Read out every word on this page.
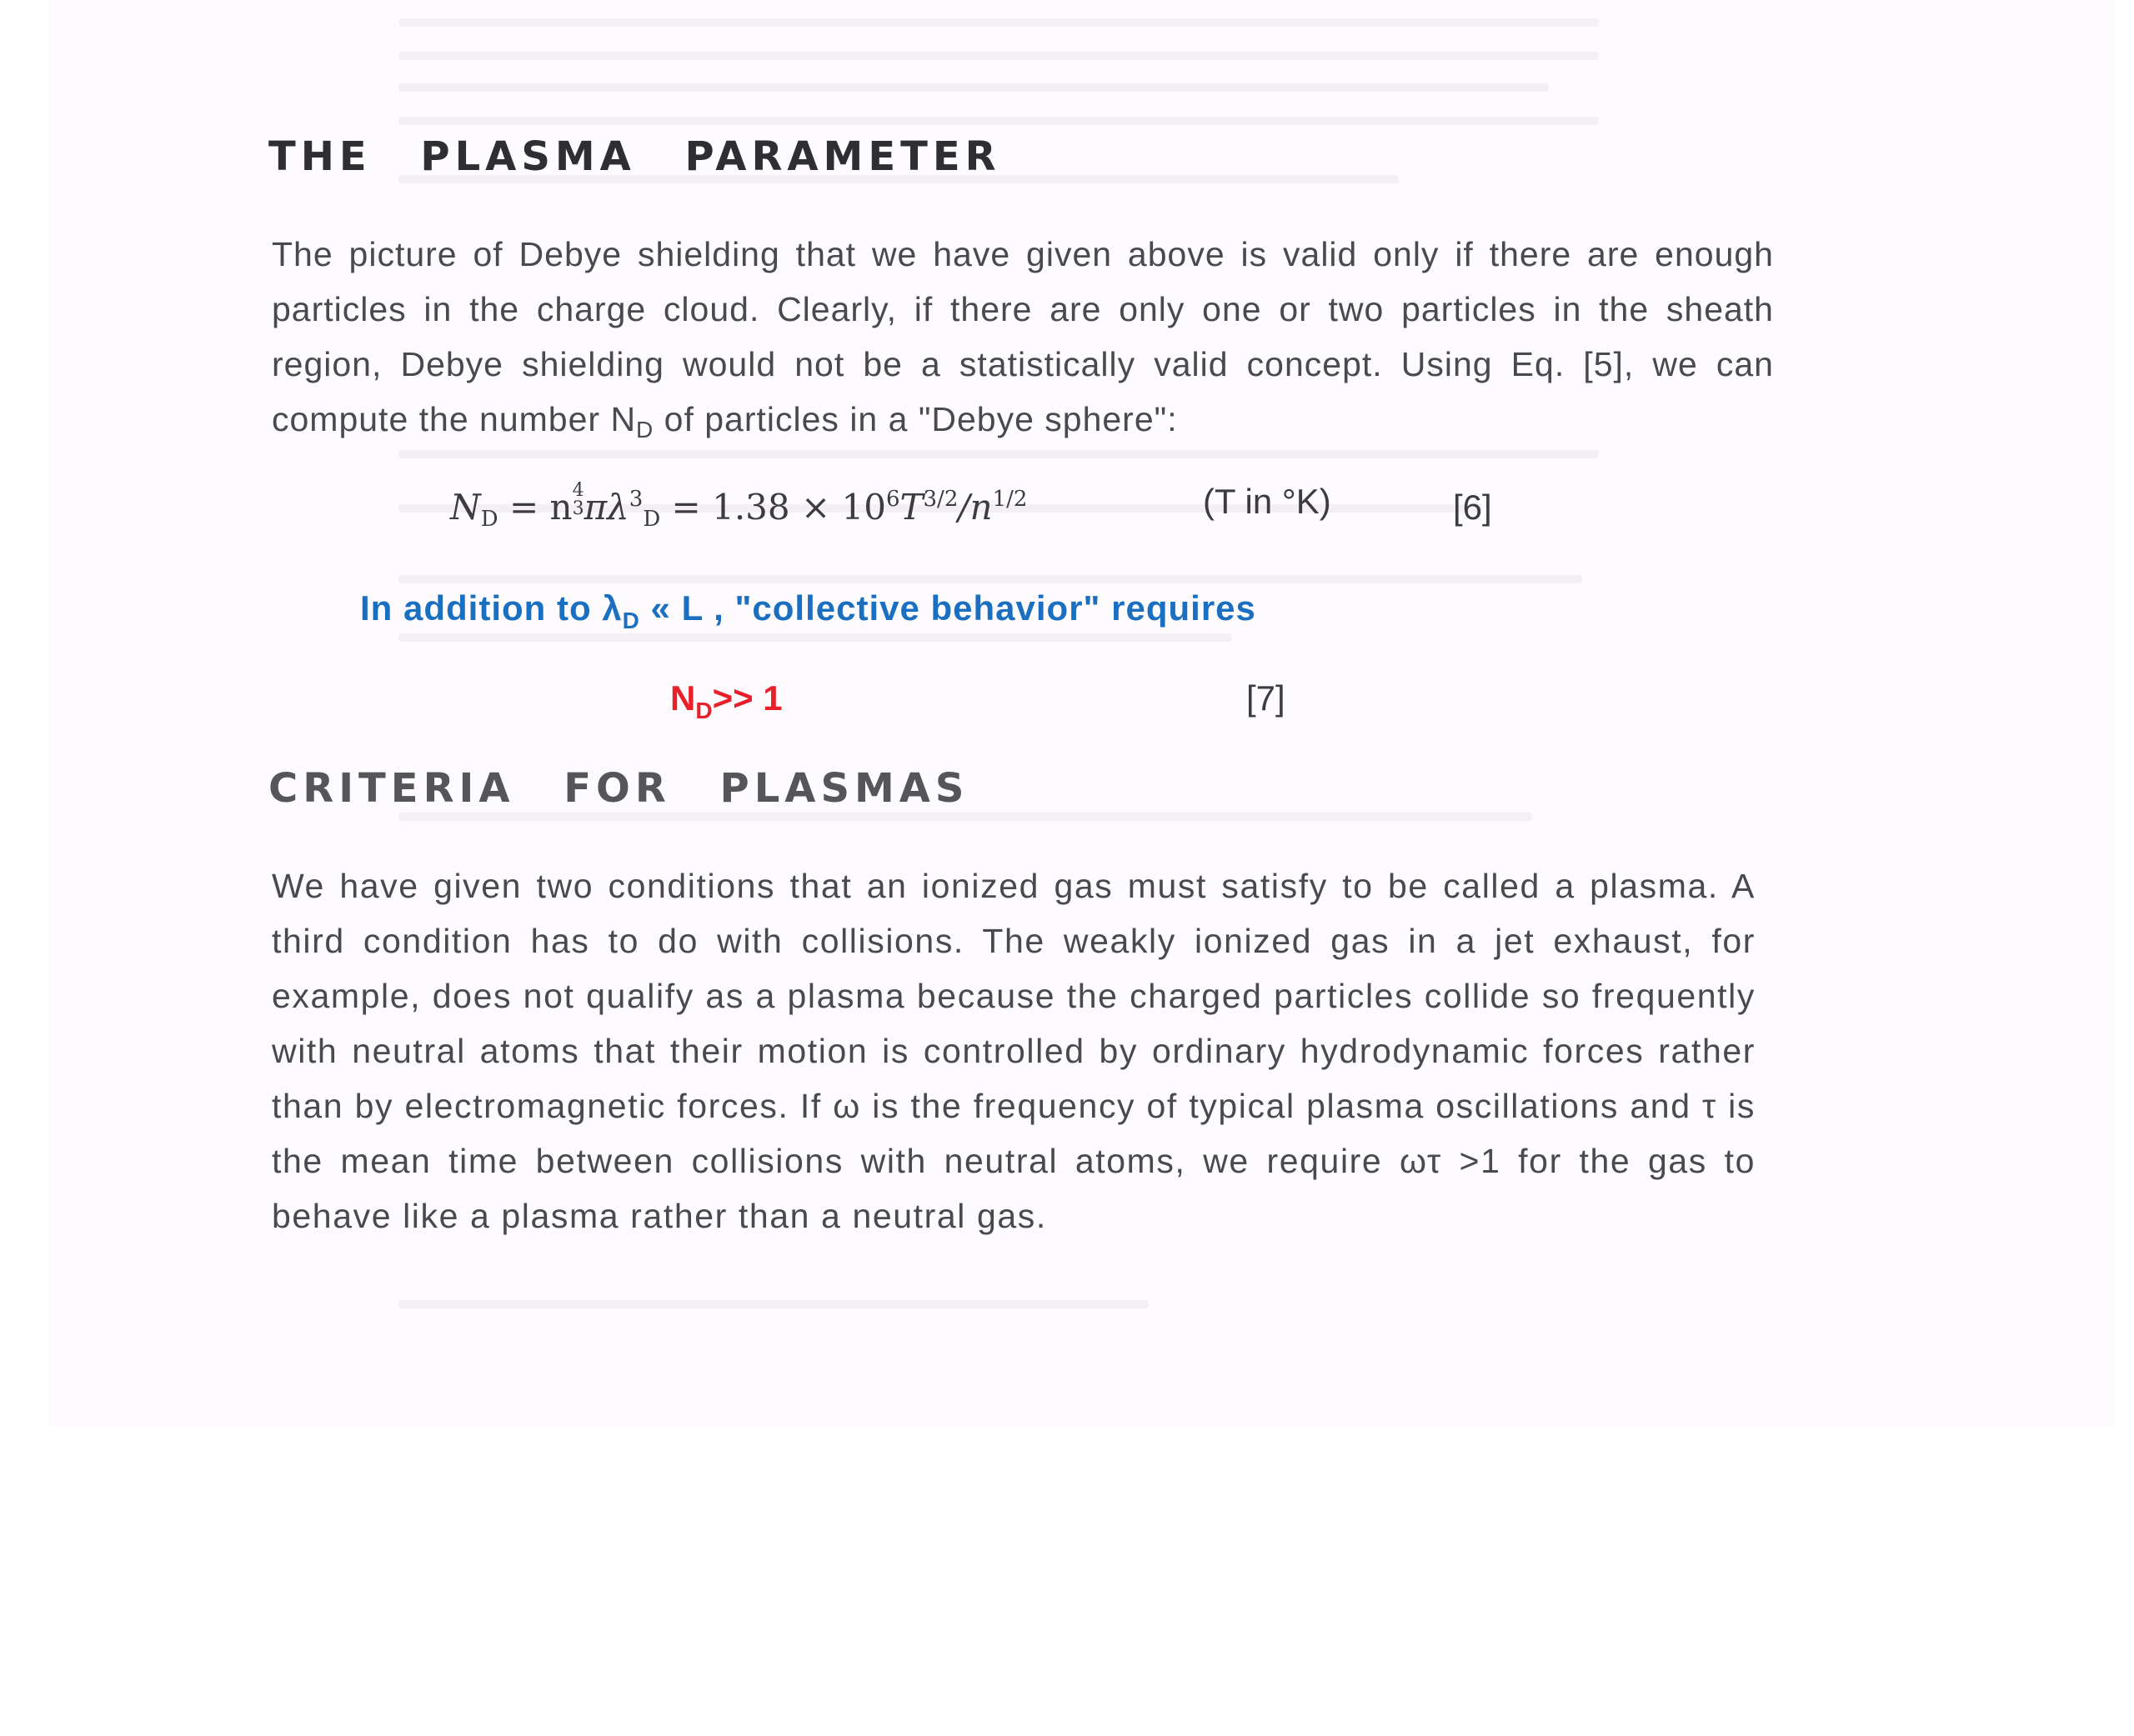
THE PLASMA PARAMETER

The picture of Debye shielding that we have given above is valid only if there are enough particles in the charge cloud. Clearly, if there are only one or two particles in the sheath region, Debye shielding would not be a statistically valid concept. Using Eq. [5], we can compute the number $N_D$ of particles in a "Debye sphere":

$N_D = n$ 4
3 $\pi\lambda^3_D = 1.38 \times 10^6T^{3/2}/n^{1/2}$	(T in °K)	[6]
In addition to $\lambda_D$ « L , "collective behavior" requires
$N_D>> 1$	[7]
CRITERIA FOR PLASMAS

We have given two conditions that an ionized gas must satisfy to be called a plasma. A third condition has to do with collisions. The weakly ionized gas in a jet exhaust, for example, does not qualify as a plasma because the charged particles collide so frequently with neutral atoms that their motion is controlled by ordinary hydrodynamic forces rather than by electromagnetic forces. If ω is the frequency of typical plasma oscillations and τ is the mean time between collisions with neutral atoms, we require ωτ >1 for the gas to behave like a plasma rather than a neutral gas.
